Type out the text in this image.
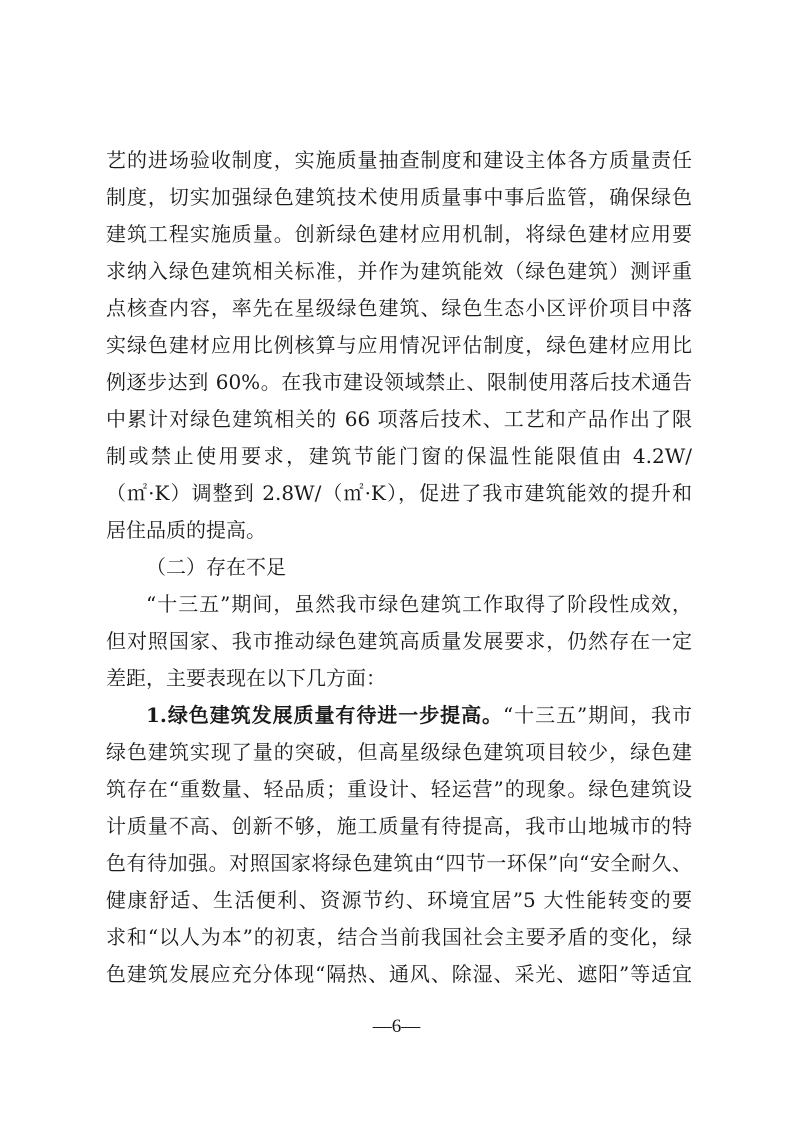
艺的进场验收制度，实施质量抽查制度和建设主体各方质量责任
制度，切实加强绿色建筑技术使用质量事中事后监管，确保绿色
建筑工程实施质量。创新绿色建材应用机制，将绿色建材应用要
求纳入绿色建筑相关标准，并作为建筑能效（绿色建筑）测评重
点核查内容，率先在星级绿色建筑、绿色生态小区评价项目中落
实绿色建材应用比例核算与应用情况评估制度，绿色建材应用比
例逐步达到 60%。在我市建设领域禁止、限制使用落后技术通告
中累计对绿色建筑相关的 66 项落后技术、工艺和产品作出了限
制或禁止使用要求，建筑节能门窗的保温性能限值由 4.2W/
（㎡·K）调整到 2.8W/（㎡·K），促进了我市建筑能效的提升和
居住品质的提高。
（二）存在不足
“十三五”期间，虽然我市绿色建筑工作取得了阶段性成效，
但对照国家、我市推动绿色建筑高质量发展要求，仍然存在一定
差距，主要表现在以下几方面：
1.绿色建筑发展质量有待进一步提高。“十三五”期间，我市
绿色建筑实现了量的突破，但高星级绿色建筑项目较少，绿色建
筑存在“重数量、轻品质；重设计、轻运营”的现象。绿色建筑设
计质量不高、创新不够，施工质量有待提高，我市山地城市的特
色有待加强。对照国家将绿色建筑由“四节一环保”向“安全耐久、
健康舒适、生活便利、资源节约、环境宜居”5 大性能转变的要
求和“以人为本”的初衷，结合当前我国社会主要矛盾的变化，绿
色建筑发展应充分体现“隔热、通风、除湿、采光、遮阳”等适宜
—6—
